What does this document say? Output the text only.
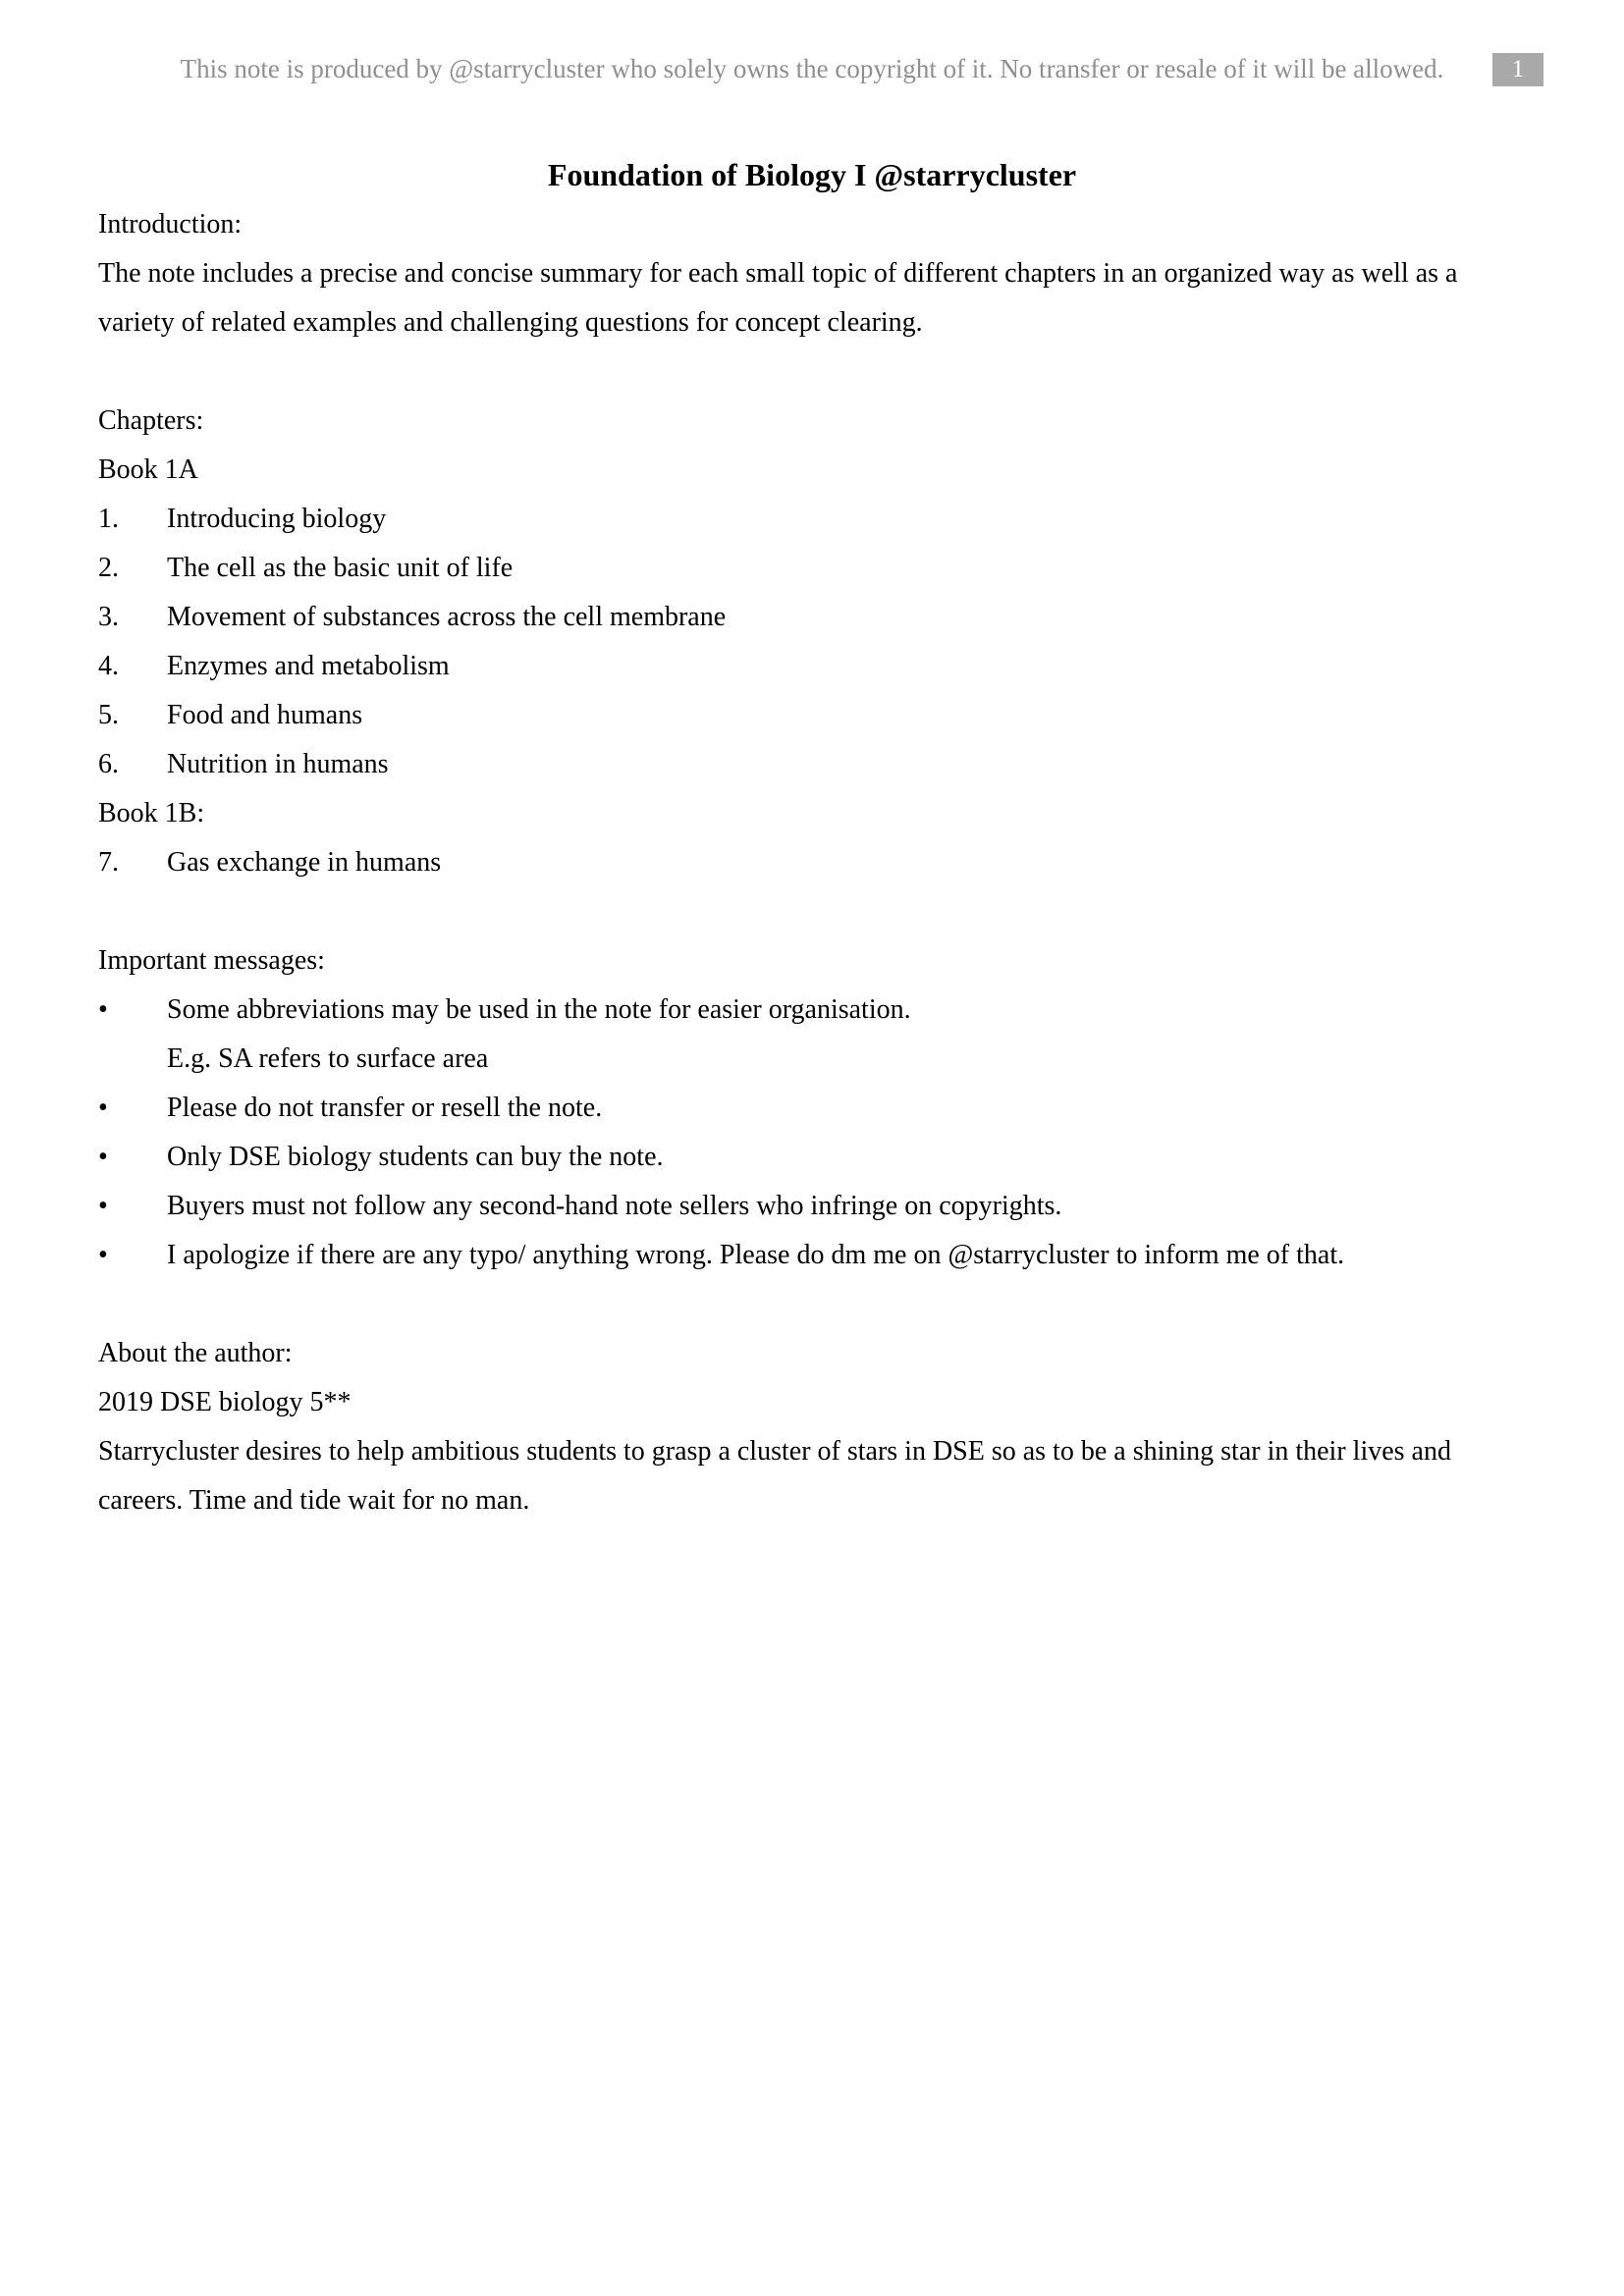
This note is produced by @starrycluster who solely owns the copyright of it. No transfer or resale of it will be allowed.	1
Foundation of Biology I @starrycluster
Introduction:
The note includes a precise and concise summary for each small topic of different chapters in an organized way as well as a variety of related examples and challenging questions for concept clearing.
Chapters:
Book 1A
1.	Introducing biology
2.	The cell as the basic unit of life
3.	Movement of substances across the cell membrane
4.	Enzymes and metabolism
5.	Food and humans
6.	Nutrition in humans
Book 1B:
7.	Gas exchange in humans
Important messages:
•	Some abbreviations may be used in the note for easier organisation.
E.g. SA refers to surface area
•	Please do not transfer or resell the note.
•	Only DSE biology students can buy the note.
•	Buyers must not follow any second-hand note sellers who infringe on copyrights.
•	I apologize if there are any typo/ anything wrong. Please do dm me on @starrycluster to inform me of that.
About the author:
2019 DSE biology 5**
Starrycluster desires to help ambitious students to grasp a cluster of stars in DSE so as to be a shining star in their lives and careers. Time and tide wait for no man.
